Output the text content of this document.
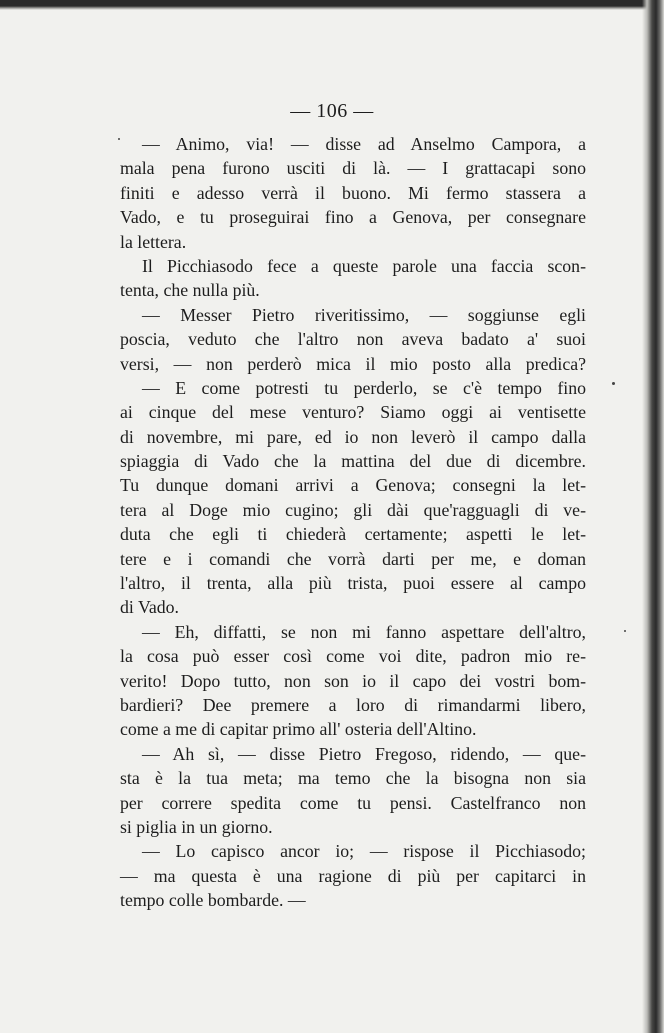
— 106 —
— Animo, via! — disse ad Anselmo Campora, a
mala pena furono usciti di là. — I grattacapi sono
finiti e adesso verrà il buono. Mi fermo stassera a
Vado, e tu proseguirai fino a Genova, per consegnare
la lettera.
Il Picchiasodo fece a queste parole una faccia scon-
tenta, che nulla più.
— Messer Pietro riveritissimo, — soggiunse egli
poscia, veduto che l'altro non aveva badato a' suoi
versi, — non perderò mica il mio posto alla predica?
— E come potresti tu perderlo, se c'è tempo fino
ai cinque del mese venturo? Siamo oggi ai ventisette
di novembre, mi pare, ed io non leverò il campo dalla
spiaggia di Vado che la mattina del due di dicembre.
Tu dunque domani arrivi a Genova; consegni la let-
tera al Doge mio cugino; gli dài que'ragguagli di ve-
duta che egli ti chiederà certamente; aspetti le let-
tere e i comandi che vorrà darti per me, e doman
l'altro, il trenta, alla più trista, puoi essere al campo
di Vado.
— Eh, diffatti, se non mi fanno aspettare dell'altro,
la cosa può esser così come voi dite, padron mio re-
verito! Dopo tutto, non son io il capo dei vostri bom-
bardieri? Dee premere a loro di rimandarmi libero,
come a me di capitar primo all' osteria dell'Altino.
— Ah sì, — disse Pietro Fregoso, ridendo, — que-
sta è la tua meta; ma temo che la bisogna non sia
per correre spedita come tu pensi. Castelfranco non
si piglia in un giorno.
— Lo capisco ancor io; — rispose il Picchiasodo;
— ma questa è una ragione di più per capitarci in
tempo colle bombarde. —
